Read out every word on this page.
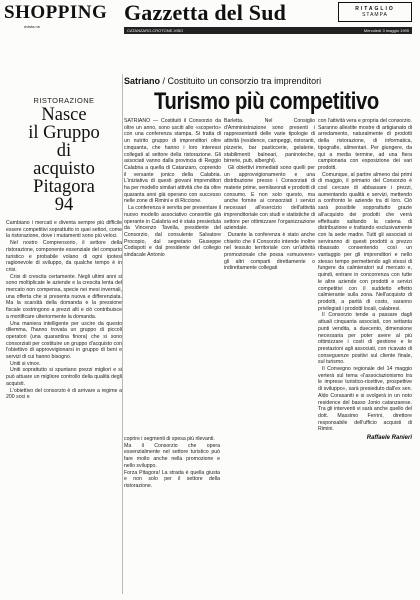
SHOPPING
rivista nn
Gazzetta del Sud	RITAGLIO
STAMPA
CATANZARO-CROTONE-VIBO	Mercoledì 3 maggio 1995
RISTORAZIONE
Nasce
il Gruppo
di
acquisto
Pitagora
94

Cambiano i mercati e diventa sempre più difficile essere competitivi soprattutto in quei settori, come la ristorazione, dove i mutamenti sono più veloci.

Nel nostro Comprensorio, il settore della ristorazione, componente essenziale del comparto turistico e probabile volano di ogni ipotesi ragionevole di sviluppo, da qualche tempo è in crisi.

Crisi di crescita certamente. Negli ultimi anni si sono moltiplicate le aziende e la crescita lenta del mercato non compensa, specie nei mesi invernali, una offerta che si presenta nuova e differenziata. Ma la scarsità della domanda e la pressione fiscale costringono a prezzi alti e ciò contribuisce a mortificare ulteriormente la domanda.

Una maniera intelligente per uscire da questo dilemma, l'hanno trovata un gruppo di piccoli operatori (una quarantina finora) che si sono consorziati per costituire un gruppo d'acquisto con l'obiettivo di approvvigionarsi in gruppo di beni e servizi di cui hanno bisogno.

Uniti si vince.

Uniti soprattutto si spuntano prezzi migliori e si può attuare un migliore controllo della qualità degli acquisti.

L'obiettivo del consorzio è di arrivare a regime a 200 soci e

Satriano / Costituito un consorzio tra imprenditori
Turismo più competitivo

SATRIANO — Costituiti il Consorzio da oltre un anno, sono usciti allo «scoperto» con una conferenza stampa. Si tratta di un nutrito gruppo di imprenditori oltre cinquanta, che hanno i loro interessi collegati al settore della ristorazione. Gli associati vanno dalla provincia di Reggio Calabria a quella di Catanzaro, coprendo il versante jonico della Calabria. L'iniziativa di questi giovani imprenditori ha per modello similari attività che da oltre quaranta anni già operano con successo nelle zone di Rimini e di Riccione.

La conferenza è servita per presentare il nuovo modello associativo consortile già operante in Calabria ed è stata presieduta da Vincenzo Tavella, presidente del Consorzio, dal consulente Salvatore Procopio, dal segretario Giuseppe Codispoti e dal presidente del collegio sindacale Antonio

Barletta. Nel Consiglio d'Amministrazione sono presenti i rappresentanti delle varie tipologie di attività (residence, campeggi, ristoranti, pizzerie, bar pasticcerie, gelaterie, stabilimenti balneari, paninoteche, birrerie, pub, alberghi).

Gli obiettivi immediati sono quelli per un approvvigionamento e una distribuzione presso i Consorziati di materie prime, semilavorati e prodotti di consumo. E non solo questo, ma anche fornire ai consorziati i servizi necessari all'esercizio dell'attività imprenditoriale con studi e statistiche di settore per ottimizzare l'organizzazione aziendale.

Durante la conferenza è stato anche chiarito che il Consorzio intende inoltre nel tessuto territoriale con un'attività promozionale che possa «smuovere» gli altri comparti direttamente o indirettamente collegati

con l'attività vera e propria del consorzio. Saranno allestite mostre di artigianato di arredamento, naturalmente di prodotti della ristorazione, di informatica, tipografie, alimentari. Per giungere, da qui a media termine, ad una fiera campionaria con esposizione dei vari prodotti.

Comunque, al partire almeno dai primi di maggio, il primario del Consorzio è così cercare di abbassare i prezzi, aumentando qualità e servizi, mettendo a confronto le aziende tra di loro. Ciò sarà possibile sopprattutto grazie all'acquisto dei prodotti che verrà effettuato saltando la catena di distribuzione e trattando esclusivamente con la sede madre. Tutti gli associati si serviranno di questi prodotti a prezzo ribassato consentendo così un vantaggio per gli imprenditori e nello stesso tempo permettendo agli stessi di fungere da calmieratori sul mercato e, quindi, entrare in concorrenza con tutte le altre aziende con prodotti e servizi competitivi con il suddetto effetto calmierante sulla zona. Nell'acquisto di prodotti, a parità di costo, saranno privilegiati i prodotti locali, calabresi.

Il Consorzio tende a passare dagli attuali cinquanta associati, con settanta punti vendita, a duecento, dimensione necessaria per poter avere al più ottimizzare i costi di gestione e le prestazioni agli associati, con ricavato di conseguenze positivi sul cliente finale, sul turismo.

Il Convegno regionale del 14 maggio verterà sul tema «l'associazionismo tra le imprese turistico-ricettive, prospettive di sviluppo», sarà presieduto dall'ex sen. Aldo Corasaniti e si svolgerà in un noto residence del basso Jonio catanzarese. Tra gli interventi vi sarà anche quello del dott. Massimo Ferrini, direttore responsabile dell'ufficio acquisti di Rimini.

Raffaele Ranieri

coprire i segmenti di spesa più rilevanti.

Ma il Consorzio che opera essenzialmente nel settore turistico può fare molto anche nella promozione e nello sviluppo.

Forza Pitagora! La strada è quella giusta e non solo per il settore della ristorazione.
